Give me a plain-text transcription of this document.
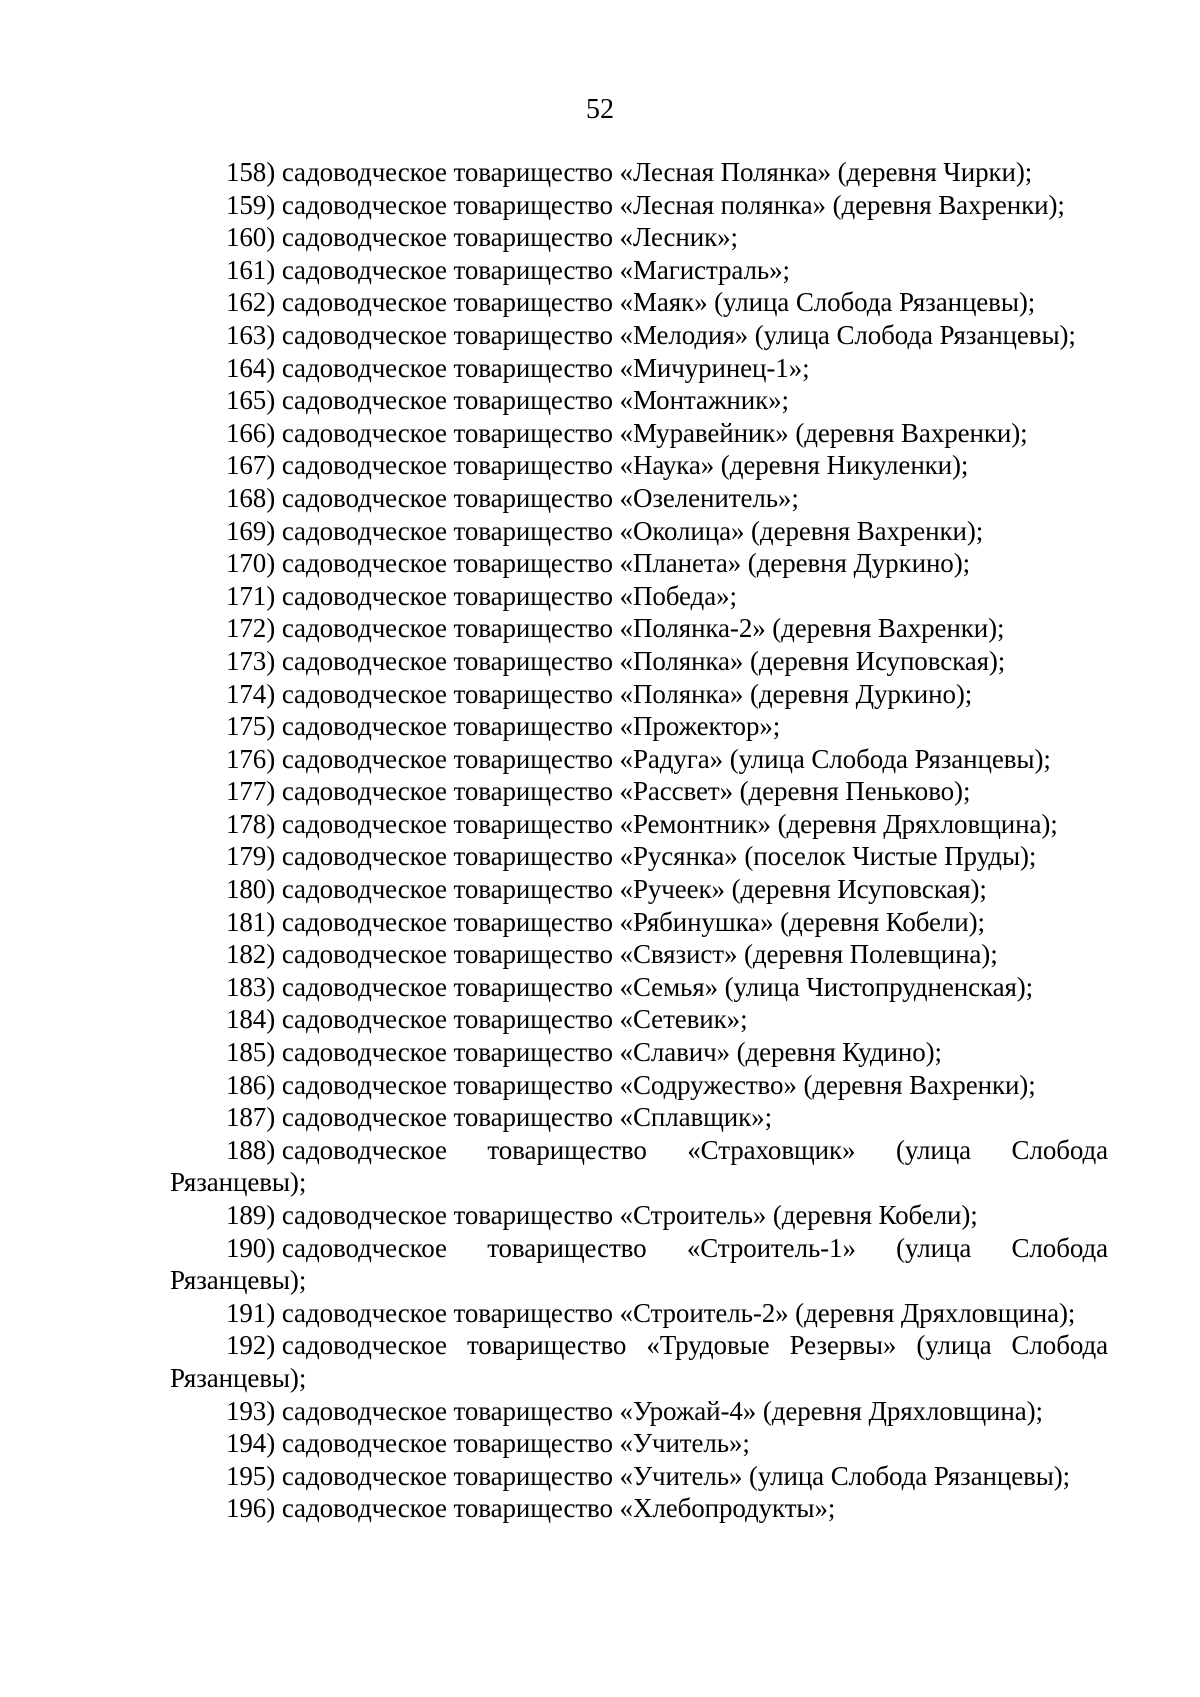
52

158) садоводческое товарищество «Лесная Полянка» (деревня Чирки);

159) садоводческое товарищество «Лесная полянка» (деревня Вахренки);

160) садоводческое товарищество «Лесник»;

161) садоводческое товарищество «Магистраль»;

162) садоводческое товарищество «Маяк» (улица Слобода Рязанцевы);

163) садоводческое товарищество «Мелодия» (улица Слобода Рязанцевы);

164) садоводческое товарищество «Мичуринец-1»;

165) садоводческое товарищество «Монтажник»;

166) садоводческое товарищество «Муравейник» (деревня Вахренки);

167) садоводческое товарищество «Наука» (деревня Никуленки);

168) садоводческое товарищество «Озеленитель»;

169) садоводческое товарищество «Околица» (деревня Вахренки);

170) садоводческое товарищество «Планета» (деревня Дуркино);

171) садоводческое товарищество «Победа»;

172) садоводческое товарищество «Полянка-2» (деревня Вахренки);

173) садоводческое товарищество «Полянка» (деревня Исуповская);

174) садоводческое товарищество «Полянка» (деревня Дуркино);

175) садоводческое товарищество «Прожектор»;

176) садоводческое товарищество «Радуга» (улица Слобода Рязанцевы);

177) садоводческое товарищество «Рассвет» (деревня Пеньково);

178) садоводческое товарищество «Ремонтник» (деревня Дряхловщина);

179) садоводческое товарищество «Русянка» (поселок Чистые Пруды);

180) садоводческое товарищество «Ручеек» (деревня Исуповская);

181) садоводческое товарищество «Рябинушка» (деревня Кобели);

182) садоводческое товарищество «Связист» (деревня Полевщина);

183) садоводческое товарищество «Семья» (улица Чистопрудненская);

184) садоводческое товарищество «Сетевик»;

185) садоводческое товарищество «Славич» (деревня Кудино);

186) садоводческое товарищество «Содружество» (деревня Вахренки);

187) садоводческое товарищество «Сплавщик»;

188) садоводческое товарищество «Страховщик» (улица Слобода Рязанцевы);

189) садоводческое товарищество «Строитель» (деревня Кобели);

190) садоводческое товарищество «Строитель-1» (улица Слобода Рязанцевы);

191) садоводческое товарищество «Строитель-2» (деревня Дряхловщина);

192) садоводческое товарищество «Трудовые Резервы» (улица Слобода Рязанцевы);

193) садоводческое товарищество «Урожай-4» (деревня Дряхловщина);

194) садоводческое товарищество «Учитель»;

195) садоводческое товарищество «Учитель» (улица Слобода Рязанцевы);

196) садоводческое товарищество «Хлебопродукты»;
